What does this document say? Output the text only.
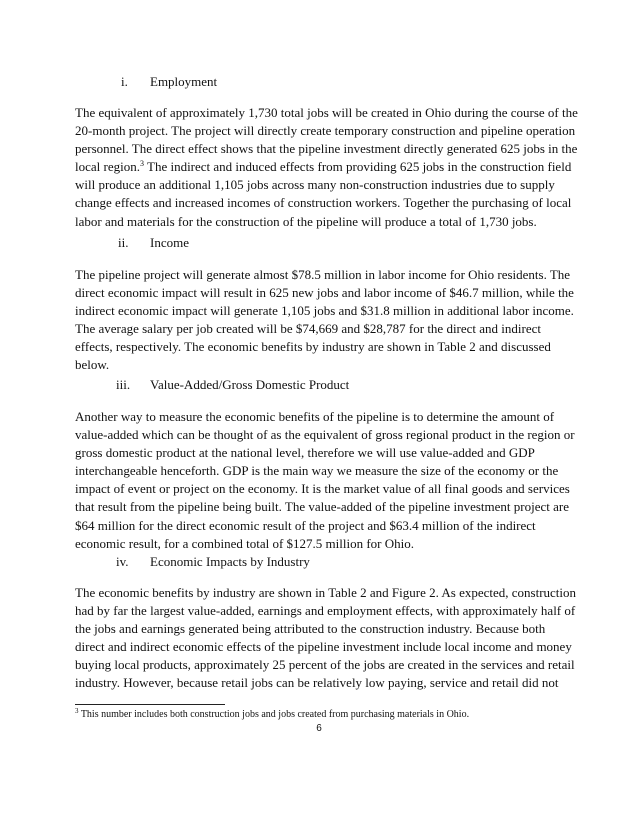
i. Employment
The equivalent of approximately 1,730 total jobs will be created in Ohio during the course of the
20-month project. The project will directly create temporary construction and pipeline operation
personnel. The direct effect shows that the pipeline investment directly generated 625 jobs in the
local region.$^3$ The indirect and induced effects from providing 625 jobs in the construction field
will produce an additional 1,105 jobs across many non-construction industries due to supply
change effects and increased incomes of construction workers. Together the purchasing of local
labor and materials for the construction of the pipeline will produce a total of 1,730 jobs.
ii. Income
The pipeline project will generate almost $78.5 million in labor income for Ohio residents. The
direct economic impact will result in 625 new jobs and labor income of $46.7 million, while the
indirect economic impact will generate 1,105 jobs and $31.8 million in additional labor income.
The average salary per job created will be $74,669 and $28,787 for the direct and indirect
effects, respectively. The economic benefits by industry are shown in Table 2 and discussed
below.
iii. Value-Added/Gross Domestic Product
Another way to measure the economic benefits of the pipeline is to determine the amount of
value-added which can be thought of as the equivalent of gross regional product in the region or
gross domestic product at the national level, therefore we will use value-added and GDP
interchangeable henceforth. GDP is the main way we measure the size of the economy or the
impact of event or project on the economy. It is the market value of all final goods and services
that result from the pipeline being built. The value-added of the pipeline investment project are
$64 million for the direct economic result of the project and $63.4 million of the indirect
economic result, for a combined total of $127.5 million for Ohio.
iv. Economic Impacts by Industry
The economic benefits by industry are shown in Table 2 and Figure 2. As expected, construction
had by far the largest value-added, earnings and employment effects, with approximately half of
the jobs and earnings generated being attributed to the construction industry. Because both
direct and indirect economic effects of the pipeline investment include local income and money
buying local products, approximately 25 percent of the jobs are created in the services and retail
industry. However, because retail jobs can be relatively low paying, service and retail did not
$^3$ This number includes both construction jobs and jobs created from purchasing materials in Ohio.
6
